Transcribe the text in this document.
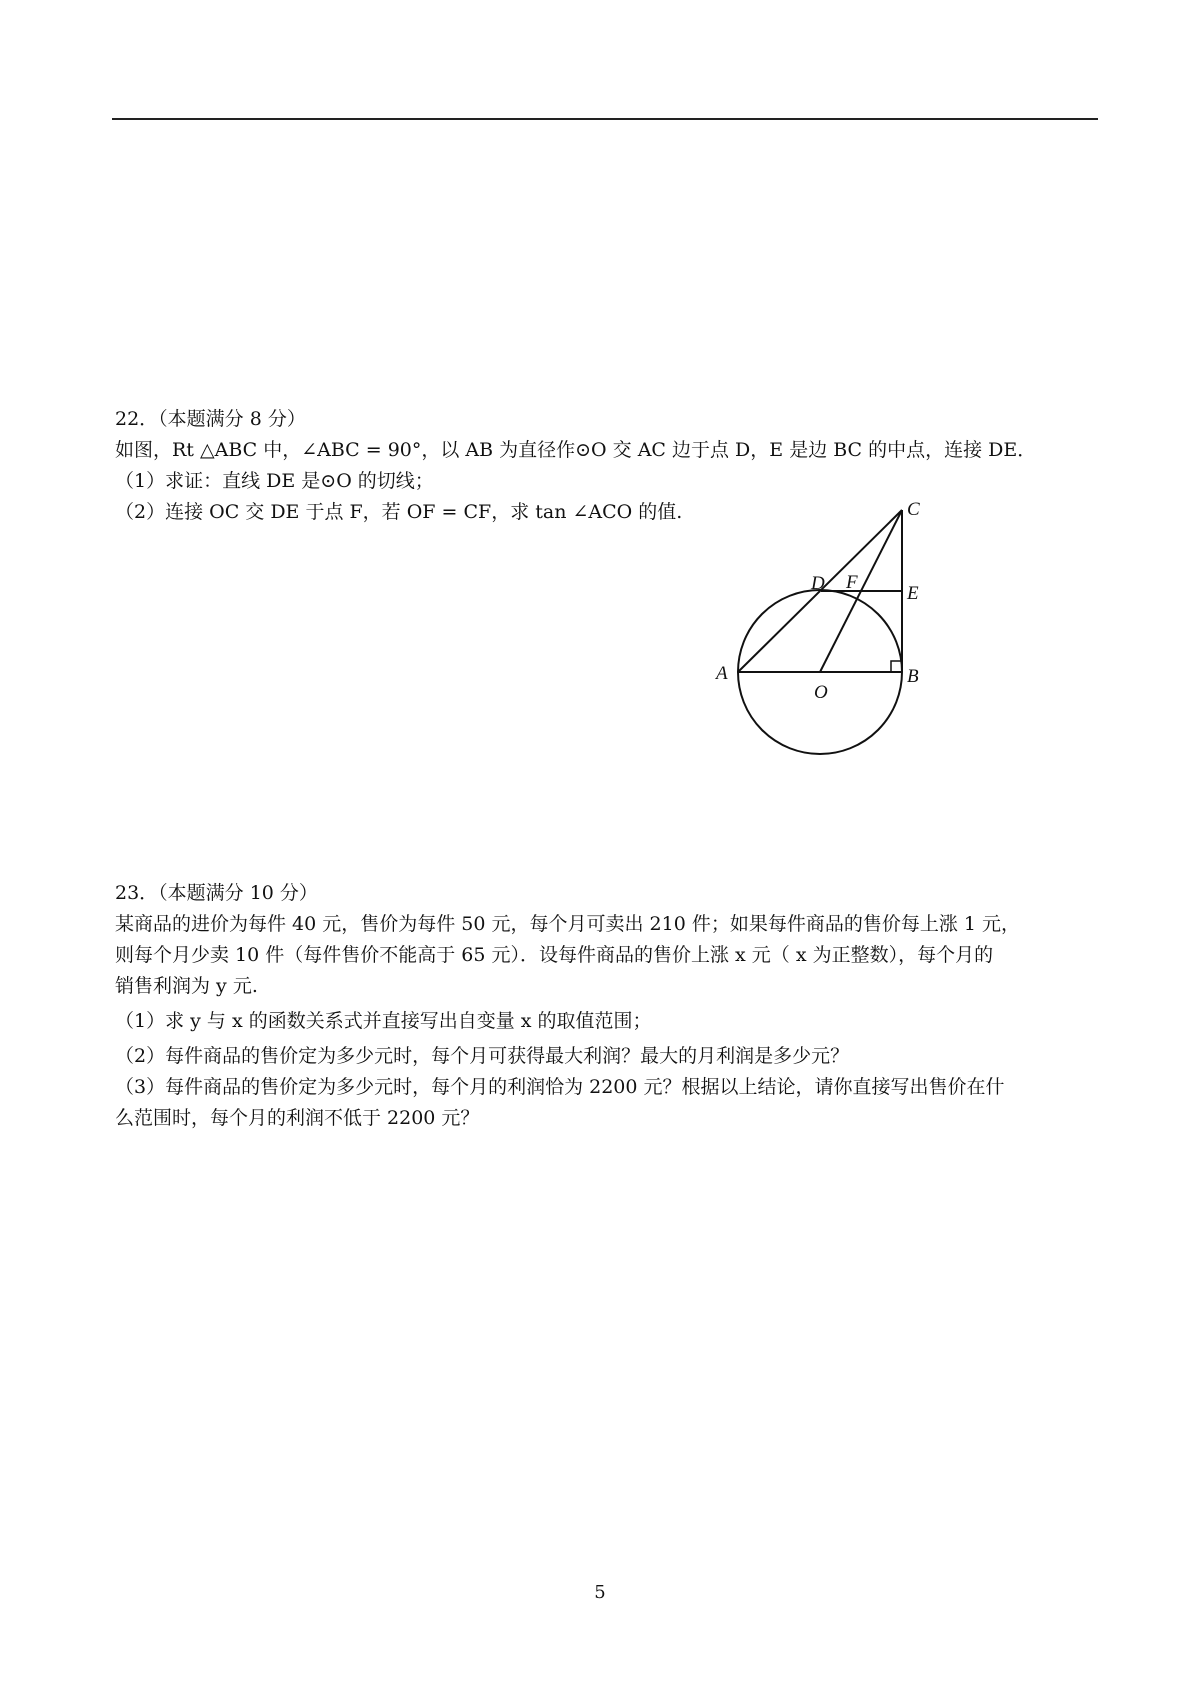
22．（本题满分 8 分）
如图，Rt △ABC 中，∠ABC = 90°，以 AB 为直径作⊙O 交 AC 边于点 D，E 是边 BC 的中点，连接 DE．
（1）求证：直线 DE 是⊙O 的切线；
（2）连接 OC 交 DE 于点 F，若 OF = CF，求 tan ∠ACO 的值.
A	B
C
D	E
F
O
23．（本题满分 10 分）
某商品的进价为每件 40 元，售价为每件 50 元，每个月可卖出 210 件；如果每件商品的售价每上涨 1 元，
则每个月少卖 10 件（每件售价不能高于 65 元）．设每件商品的售价上涨 x 元（ x 为正整数），每个月的
销售利润为 y 元.
（1）求 y 与 x 的函数关系式并直接写出自变量 x 的取值范围；
（2）每件商品的售价定为多少元时，每个月可获得最大利润？最大的月利润是多少元？
（3）每件商品的售价定为多少元时，每个月的利润恰为 2200 元？根据以上结论，请你直接写出售价在什
么范围时，每个月的利润不低于 2200 元？
5
